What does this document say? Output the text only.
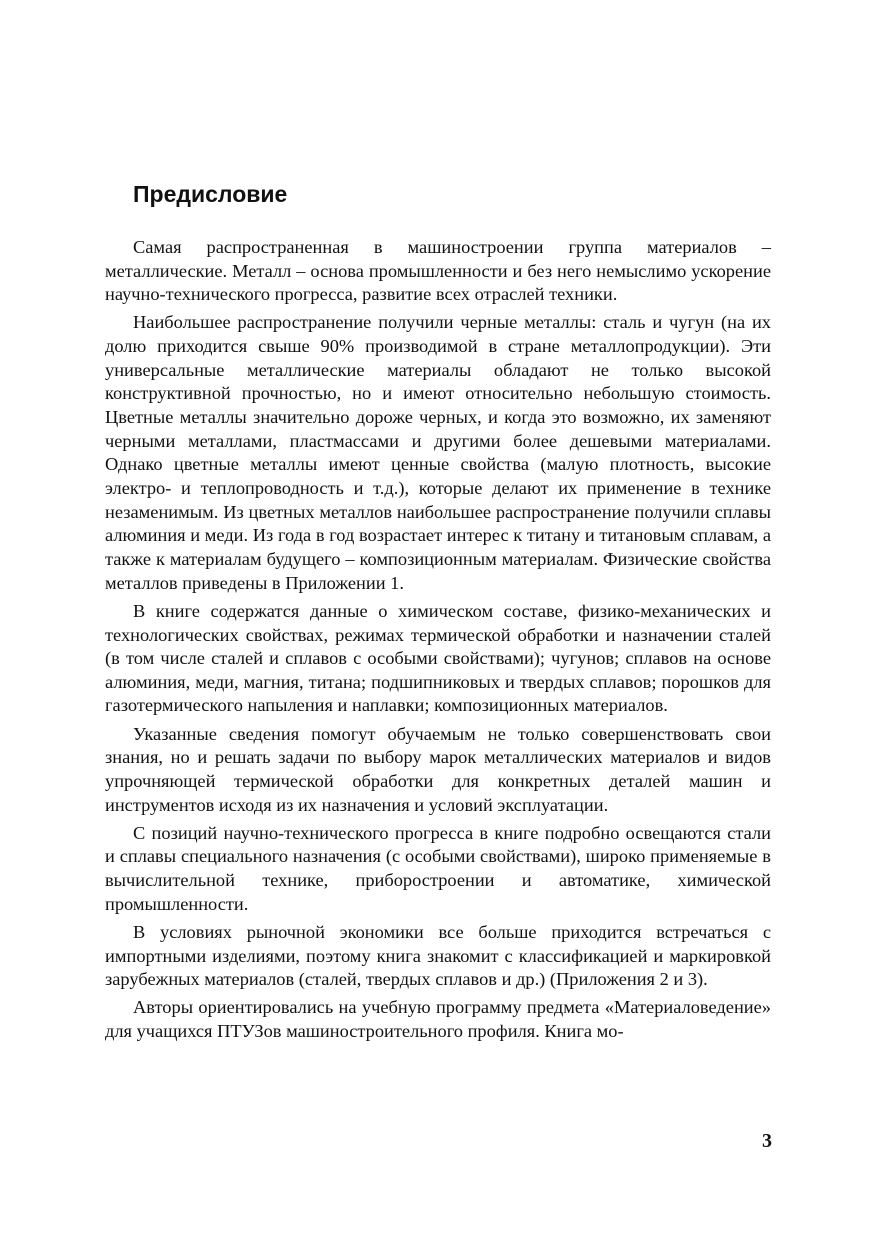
Предисловие

Самая распространенная в машиностроении группа материалов – металлические. Металл – основа промышленности и без него немыслимо ускорение научно-технического прогресса, развитие всех отраслей техники.

Наибольшее распространение получили черные металлы: сталь и чугун (на их долю приходится свыше 90% производимой в стране металлопродукции). Эти универсальные металлические материалы обладают не только высокой конструктивной прочностью, но и имеют относительно небольшую стоимость. Цветные металлы значительно дороже черных, и когда это возможно, их заменяют черными металлами, пластмассами и другими более дешевыми материалами. Однако цветные металлы имеют ценные свойства (малую плотность, высокие электро- и теплопроводность и т.д.), которые делают их применение в технике незаменимым. Из цветных металлов наибольшее распространение получили сплавы алюминия и меди. Из года в год возрастает интерес к титану и титановым сплавам, а также к материалам будущего – композиционным материалам. Физические свойства металлов приведены в Приложении 1.

В книге содержатся данные о химическом составе, физико-механических и технологических свойствах, режимах термической обработки и назначении сталей (в том числе сталей и сплавов с особыми свойствами); чугунов; сплавов на основе алюминия, меди, магния, титана; подшипниковых и твердых сплавов; порошков для газотермического напыления и наплавки; композиционных материалов.

Указанные сведения помогут обучаемым не только совершенствовать свои знания, но и решать задачи по выбору марок металлических материалов и видов упрочняющей термической обработки для конкретных деталей машин и инструментов исходя из их назначения и условий эксплуатации.

С позиций научно-технического прогресса в книге подробно освещаются стали и сплавы специального назначения (с особыми свойствами), широко применяемые в вычислительной технике, приборостроении и автоматике, химической промышленности.

В условиях рыночной экономики все больше приходится встречаться с импортными изделиями, поэтому книга знакомит с классификацией и маркировкой зарубежных материалов (сталей, твердых сплавов и др.) (Приложения 2 и 3).

Авторы ориентировались на учебную программу предмета «Материаловедение» для учащихся ПТУЗов машиностроительного профиля. Книга мо-

3
